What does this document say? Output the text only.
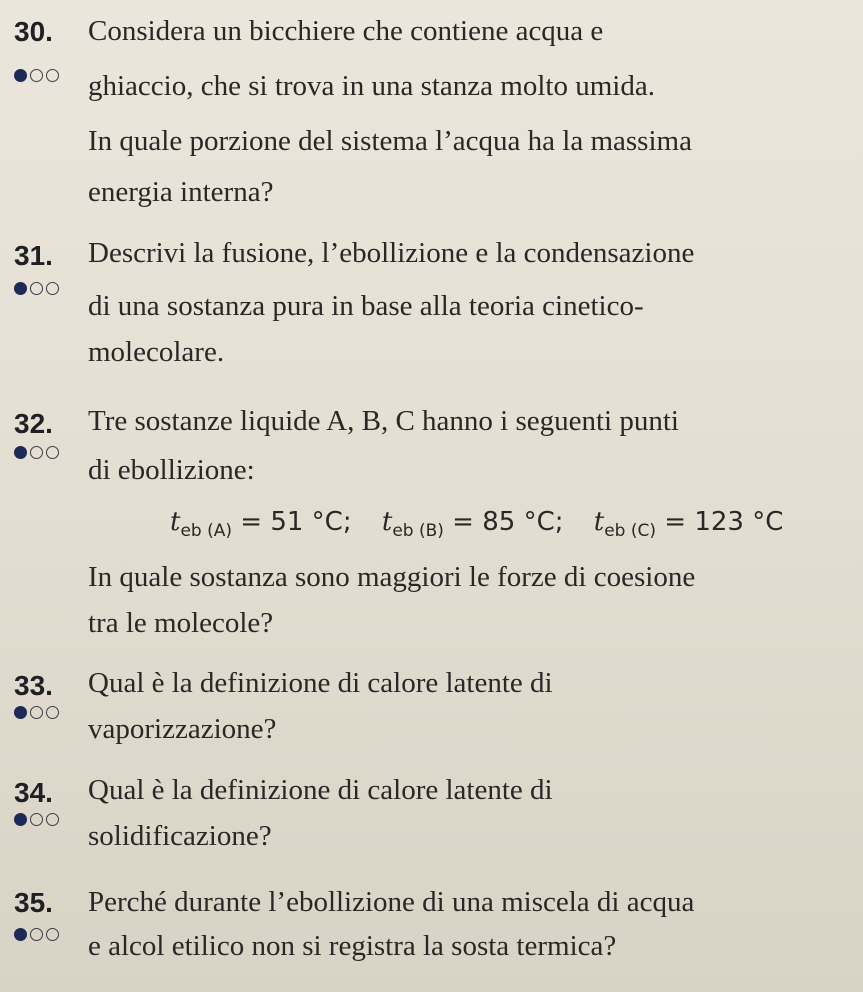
30. Considera un bicchiere che contiene acqua e
ghiaccio, che si trova in una stanza molto umida.
In quale porzione del sistema l’acqua ha la massima
energia interna?
31. Descrivi la fusione, l’ebollizione e la condensazione
di una sostanza pura in base alla teoria cinetico-
molecolare.
32. Tre sostanze liquide A, B, C hanno i seguenti punti
di ebollizione:
$t_{eb (A)} = 51$ °C; $t_{eb (B)} = 85$ °C; $t_{eb (C)} = 123$ °C
In quale sostanza sono maggiori le forze di coesione
tra le molecole?
33. Qual è la definizione di calore latente di
vaporizzazione?
34. Qual è la definizione di calore latente di
solidificazione?
35. Perché durante l’ebollizione di una miscela di acqua
e alcol etilico non si registra la sosta termica?
